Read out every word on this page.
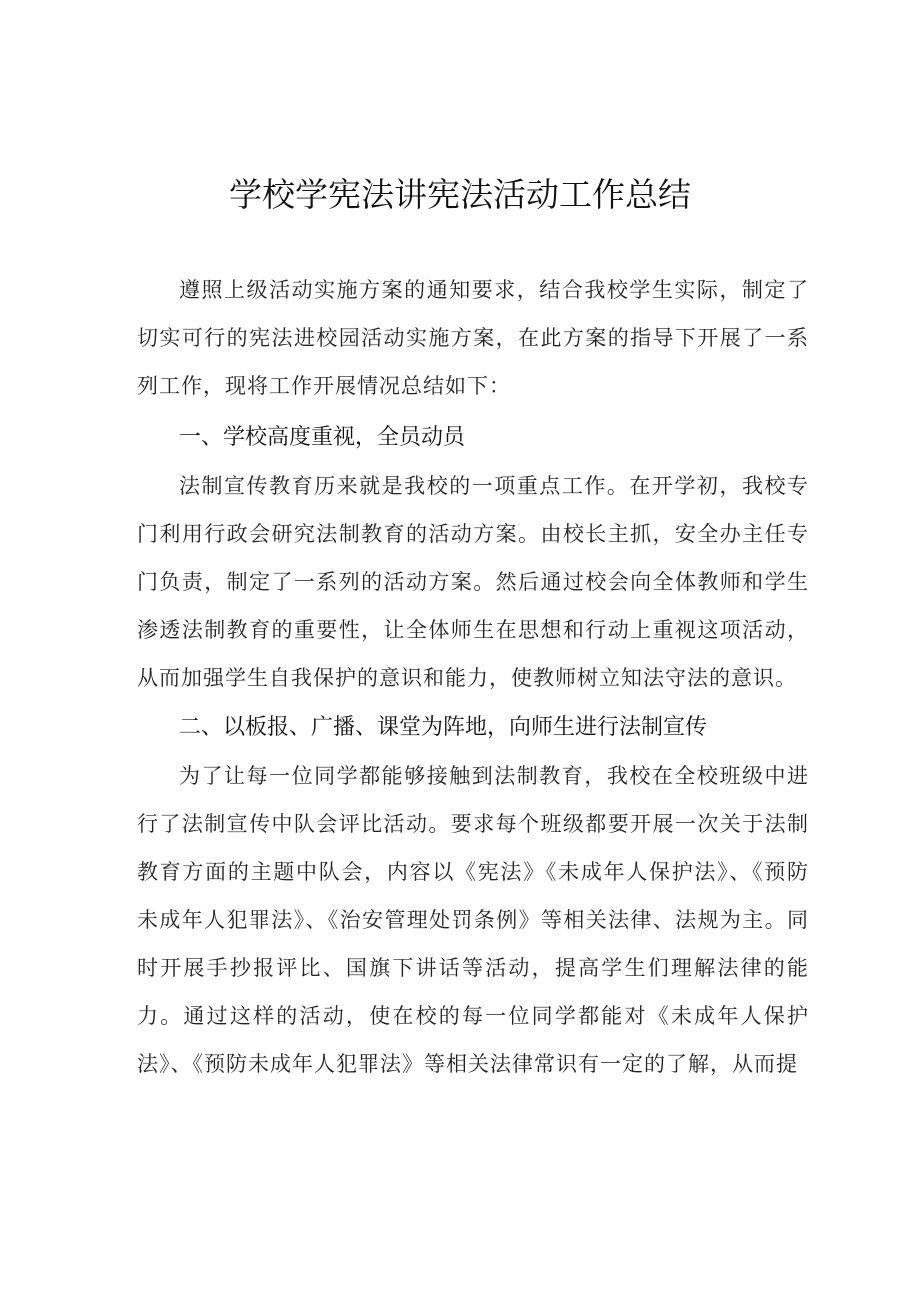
学校学宪法讲宪法活动工作总结

遵照上级活动实施方案的通知要求，结合我校学生实际，制定了切实可行的宪法进校园活动实施方案，在此方案的指导下开展了一系列工作，现将工作开展情况总结如下：

一、学校高度重视，全员动员

法制宣传教育历来就是我校的一项重点工作。在开学初，我校专门利用行政会研究法制教育的活动方案。由校长主抓，安全办主任专门负责，制定了一系列的活动方案。然后通过校会向全体教师和学生渗透法制教育的重要性，让全体师生在思想和行动上重视这项活动，从而加强学生自我保护的意识和能力，使教师树立知法守法的意识。

二、以板报、广播、课堂为阵地，向师生进行法制宣传

为了让每一位同学都能够接触到法制教育，我校在全校班级中进行了法制宣传中队会评比活动。要求每个班级都要开展一次关于法制教育方面的主题中队会，内容以《宪法》《未成年人保护法》、《预防未成年人犯罪法》、《治安管理处罚条例》等相关法律、法规为主。同时开展手抄报评比、国旗下讲话等活动，提高学生们理解法律的能力。通过这样的活动，使在校的每一位同学都能对《未成年人保护法》、《预防未成年人犯罪法》等相关法律常识有一定的了解，从而提
